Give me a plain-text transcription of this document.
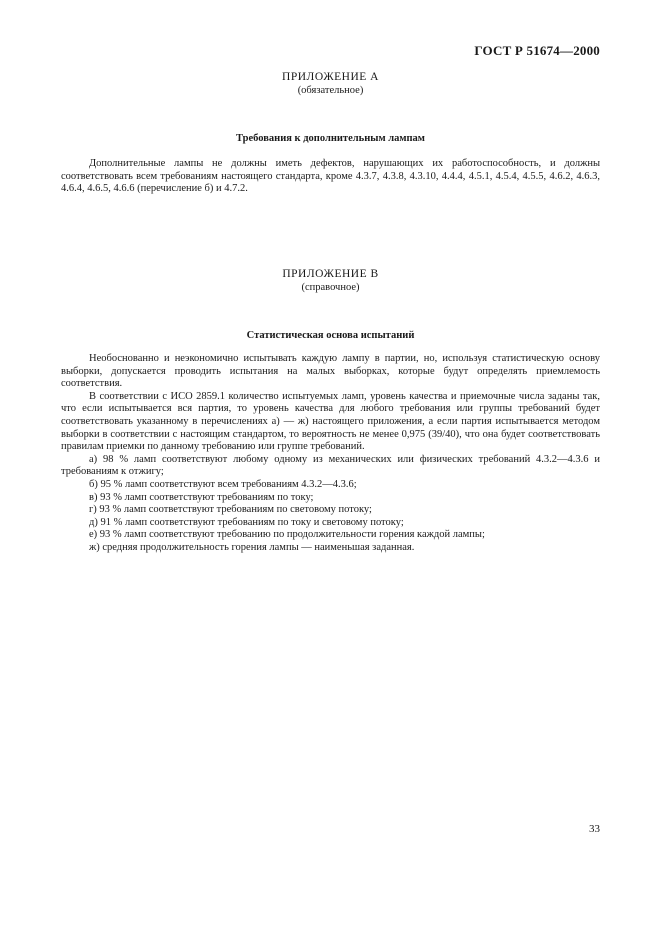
ГОСТ Р 51674—2000
ПРИЛОЖЕНИЕ А
(обязательное)
Требования к дополнительным лампам

Дополнительные лампы не должны иметь дефектов, нарушающих их работоспособность, и должны соответствовать всем требованиям настоящего стандарта, кроме 4.3.7, 4.3.8, 4.3.10, 4.4.4, 4.5.1, 4.5.4, 4.5.5, 4.6.2, 4.6.3, 4.6.4, 4.6.5, 4.6.6 (перечисление б) и 4.7.2.

ПРИЛОЖЕНИЕ В
(справочное)
Статистическая основа испытаний

Необоснованно и неэкономично испытывать каждую лампу в партии, но, используя статистическую основу выборки, допускается проводить испытания на малых выборках, которые будут определять приемлемость соответствия.

В соответствии с ИСО 2859.1 количество испытуемых ламп, уровень качества и приемочные числа заданы так, что если испытывается вся партия, то уровень качества для любого требования или группы требований будет соответствовать указанному в перечислениях а) — ж) настоящего приложения, а если партия испытывается методом выборки в соответствии с настоящим стандартом, то вероятность не менее 0,975 (39/40), что она будет соответствовать правилам приемки по данному требованию или группе требований.

а) 98 % ламп соответствуют любому одному из механических или физических требований 4.3.2—4.3.6 и требованиям к отжигу;

б) 95 % ламп соответствуют всем требованиям 4.3.2—4.3.6;

в) 93 % ламп соответствуют требованиям по току;

г) 93 % ламп соответствуют требованиям по световому потоку;

д) 91 % ламп соответствуют требованиям по току и световому потоку;

е) 93 % ламп соответствуют требованию по продолжительности горения каждой лампы;

ж) средняя продолжительность горения лампы — наименьшая заданная.

33
